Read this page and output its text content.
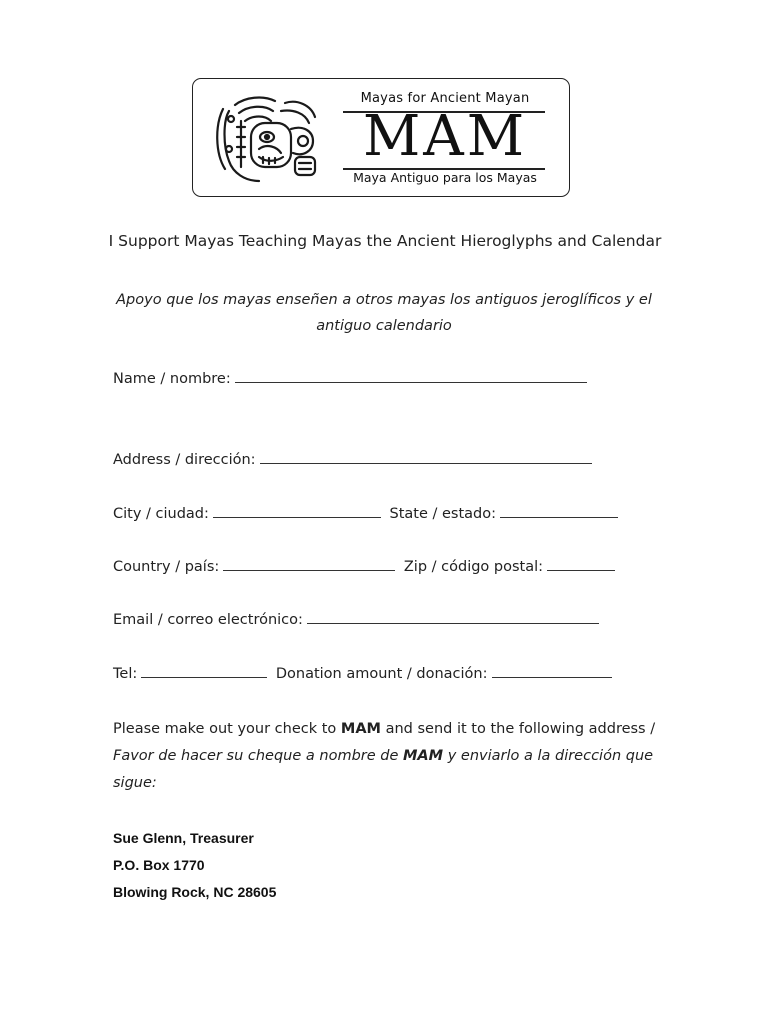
Mayas for Ancient Mayan
MAM
Maya Antiguo para los Mayas
I Support Mayas Teaching Mayas the Ancient Hieroglyphs and Calendar
Apoyo que los mayas enseñen a otros mayas los antiguos jeroglíficos y el antiguo calendario
Name / nombre:
Address / dirección:
City / ciudad:	State / estado:
Country / país:	Zip / código postal:
Email / correo electrónico:
Tel:	Donation amount / donación:
Please make out your check to MAM and send it to the following address /
Favor de hacer su cheque a nombre de MAM y enviarlo a la dirección que sigue:
Sue Glenn, Treasurer
P.O. Box 1770
Blowing Rock, NC 28605
